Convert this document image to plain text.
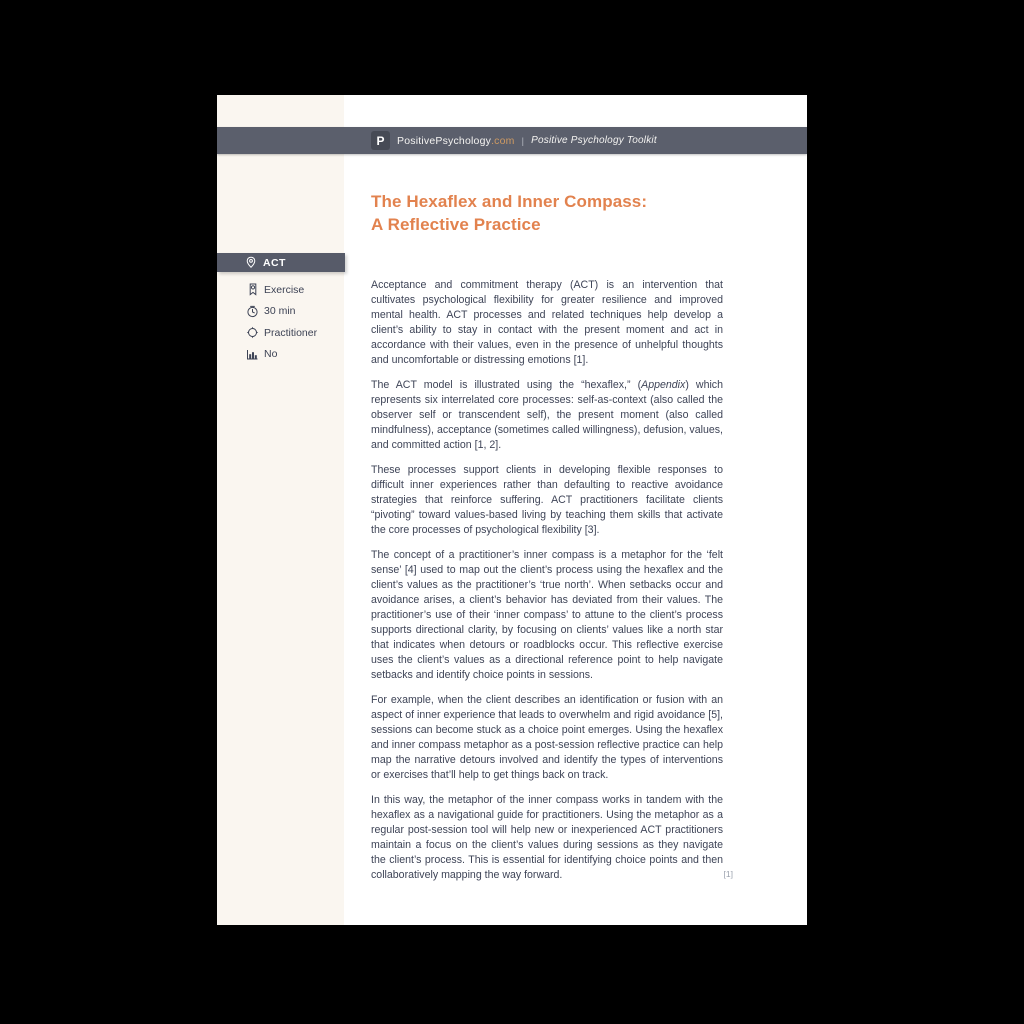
P PositivePsychology .com | Positive Psychology Toolkit
The Hexaflex and Inner Compass:
A Reflective Practice
ACT
Exercise
30 min
Practitioner
No

Acceptance and commitment therapy (ACT) is an intervention that cultivates psychological flexibility for greater resilience and improved mental health. ACT processes and related techniques help develop a client’s ability to stay in contact with the present moment and act in accordance with their values, even in the presence of unhelpful thoughts and uncomfortable or distressing emotions [1].

The ACT model is illustrated using the “hexaflex,” (Appendix) which represents six interrelated core processes: self-as-context (also called the observer self or transcendent self), the present moment (also called mindfulness), acceptance (sometimes called willingness), defusion, values, and committed action [1, 2].

These processes support clients in developing flexible responses to difficult inner experiences rather than defaulting to reactive avoidance strategies that reinforce suffering. ACT practitioners facilitate clients “pivoting” toward values-based living by teaching them skills that activate the core processes of psychological flexibility [3].

The concept of a practitioner’s inner compass is a metaphor for the ‘felt sense’ [4] used to map out the client’s process using the hexaflex and the client’s values as the practitioner’s ‘true north’. When setbacks occur and avoidance arises, a client’s behavior has deviated from their values. The practitioner’s use of their ‘inner compass’ to attune to the client’s process supports directional clarity, by focusing on clients’ values like a north star that indicates when detours or roadblocks occur. This reflective exercise uses the client’s values as a directional reference point to help navigate setbacks and identify choice points in sessions.

For example, when the client describes an identification or fusion with an aspect of inner experience that leads to overwhelm and rigid avoidance [5], sessions can become stuck as a choice point emerges. Using the hexaflex and inner compass metaphor as a post-session reflective practice can help map the narrative detours involved and identify the types of interventions or exercises that’ll help to get things back on track.

In this way, the metaphor of the inner compass works in tandem with the hexaflex as a navigational guide for practitioners. Using the metaphor as a regular post-session tool will help new or inexperienced ACT practitioners maintain a focus on the client’s values during sessions as they navigate the client’s process. This is essential for identifying choice points and then collaboratively mapping the way forward.	[1]
